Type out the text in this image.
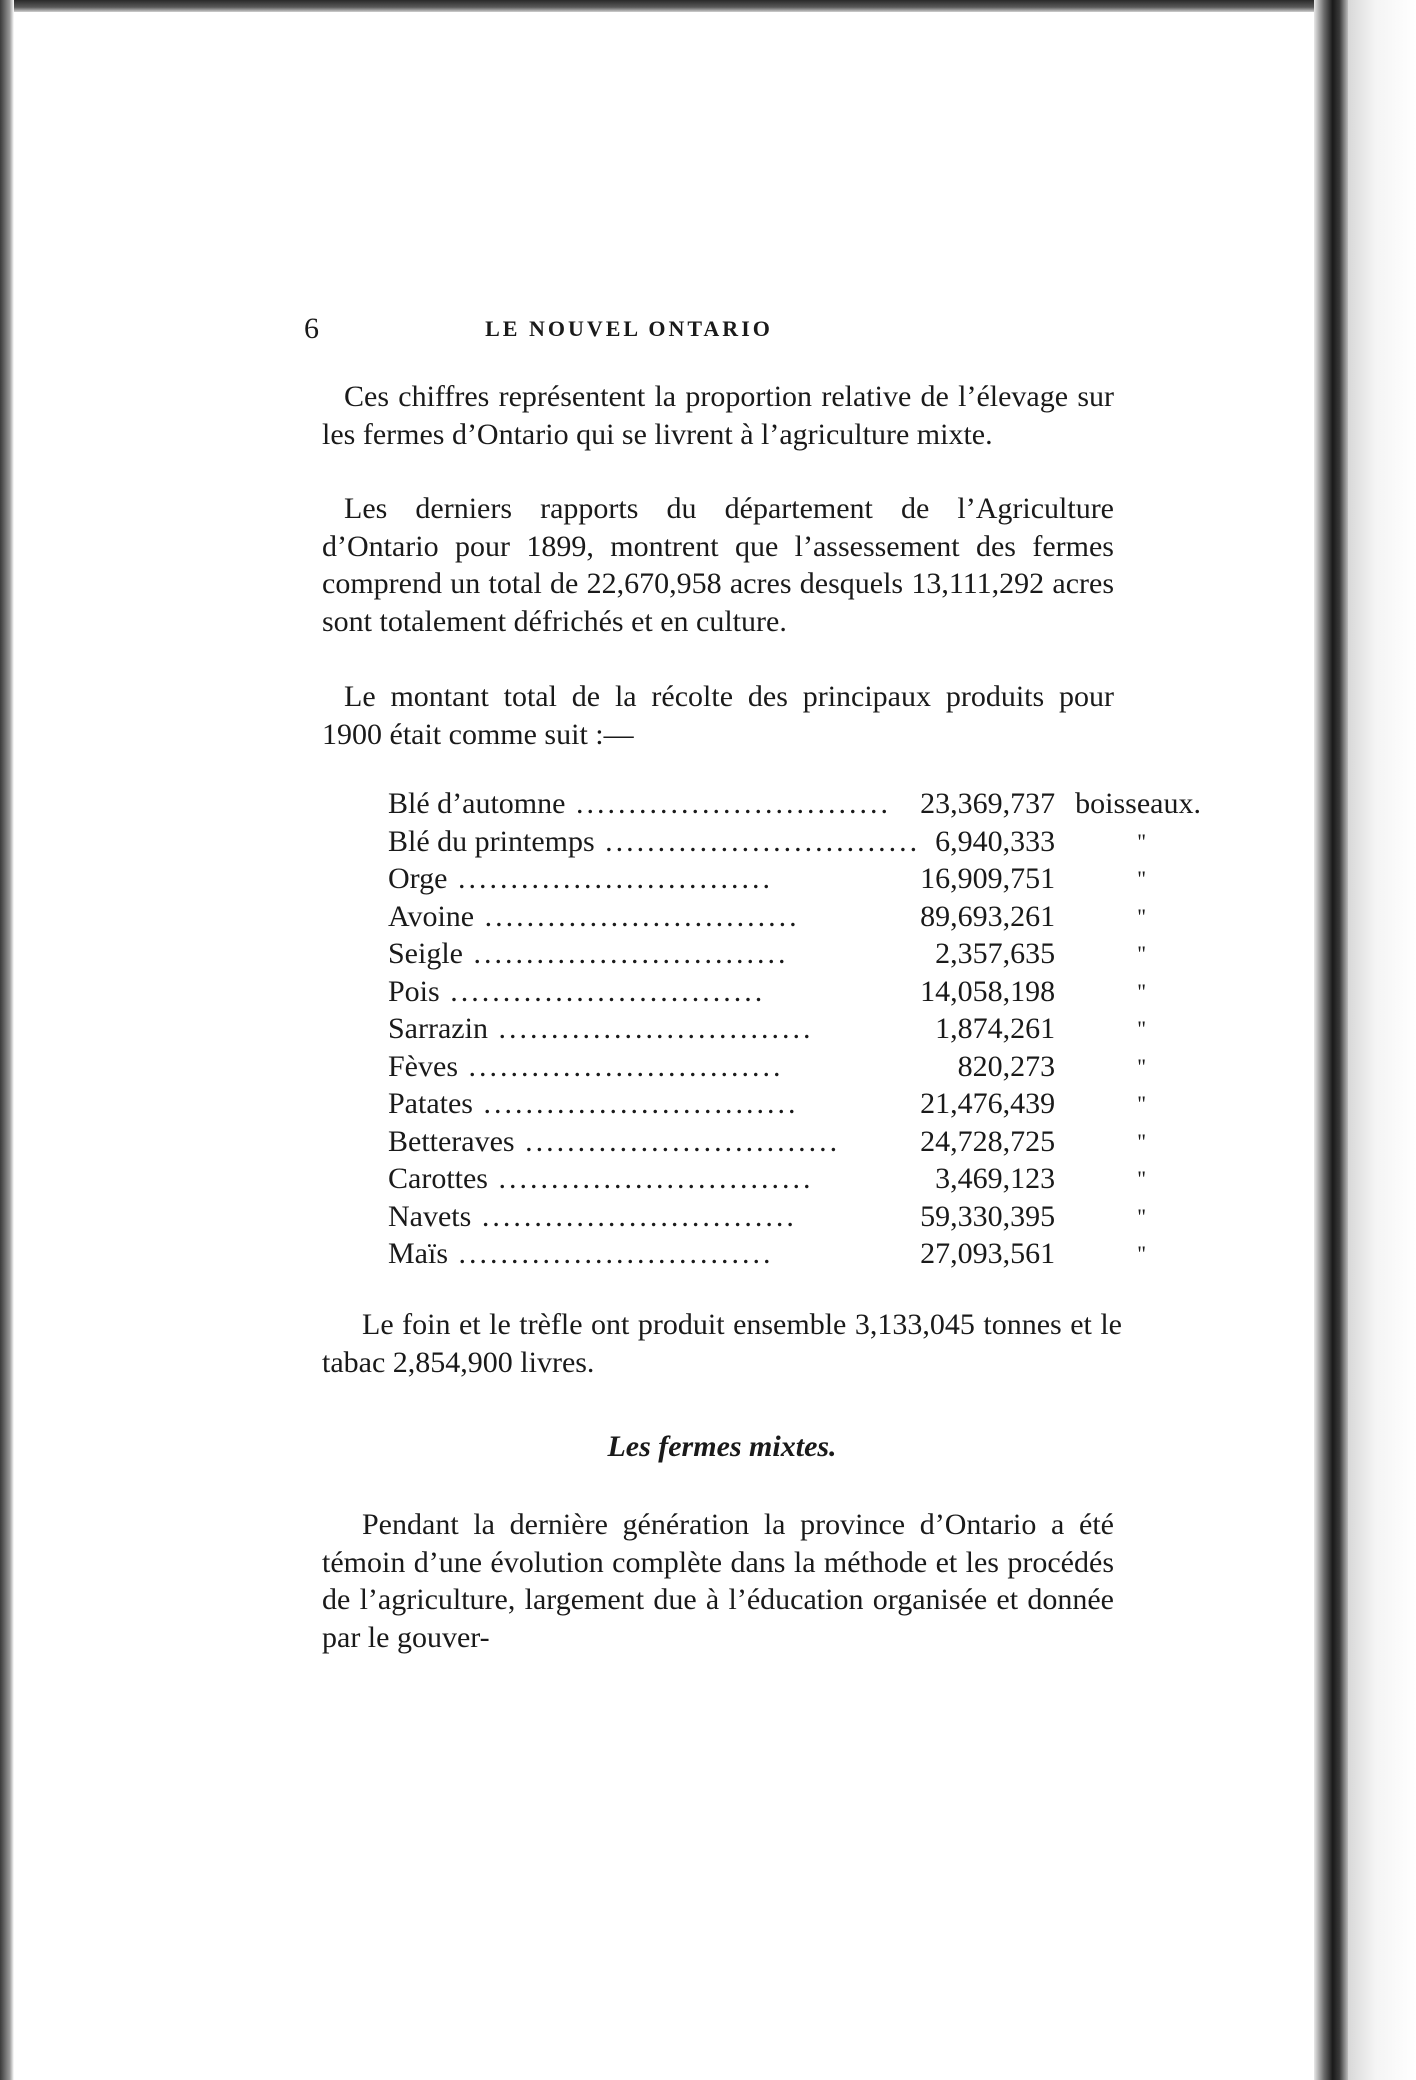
6	LE NOUVEL ONTARIO

Ces chiffres représentent la proportion relative de l’élevage sur les fermes d’Ontario qui se livrent à l’agriculture mixte.

Les derniers rapports du département de l’Agriculture d’Ontario pour 1899, montrent que l’assessement des fermes comprend un total de 22,670,958 acres desquels 13,111,292 acres sont totalement défrichés et en culture.

Le montant total de la récolte des principaux produits pour 1900 était comme suit :—

Blé d’automne ..............................	23,369,737	boisseaux.
Blé du printemps ..............................	6,940,333	"
Orge ..............................	16,909,751	"
Avoine ..............................	89,693,261	"
Seigle ..............................	2,357,635	"
Pois ..............................	14,058,198	"
Sarrazin ..............................	1,874,261	"
Fèves ..............................	820,273	"
Patates ..............................	21,476,439	"
Betteraves ..............................	24,728,725	"
Carottes ..............................	3,469,123	"
Navets ..............................	59,330,395	"
Maïs ..............................	27,093,561	"

Le foin et le trèfle ont produit ensemble 3,133,045 tonnes et le tabac 2,854,900 livres.

Les fermes mixtes.

Pendant la dernière génération la province d’Ontario a été témoin d’une évolution complète dans la méthode et les procédés de l’agriculture, largement due à l’éducation organisée et donnée par le gouver-
